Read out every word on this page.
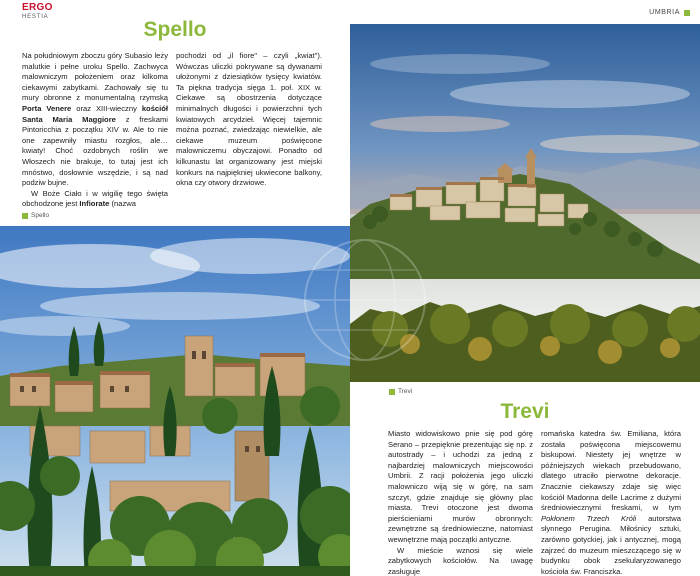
ERGO
HESTIA
UMBRIA
Spello

Na południowym zboczu góry Subasio leży malutkie i pełne uroku Spello. Zachwyca malowniczym położeniem oraz kilkoma ciekawymi zabytkami. Zachowały się tu mury obronne z monumentalną rzymską Porta Venere oraz XIII-wieczny kościół Santa Maria Maggiore z freskami Pintoricchia z początku XIV w. Ale to nie one zapewniły miastu rozgłos, ale… kwiaty! Choć ozdobnych roślin we Włoszech nie brakuje, to tutaj jest ich mnóstwo, dosłownie wszędzie, i są nad podziw bujne.

W Boże Ciało i w wigilię tego święta obchodzone jest Infiorate (nazwa

pochodzi od „il fiore" – czyli „kwiat"). Wówczas uliczki pokrywane są dywanami ułożonymi z dziesiątków tysięcy kwiatów. Ta piękna tradycja sięga 1. poł. XIX w. Ciekawe są obostrzenia dotyczące minimalnych długości i powierzchni tych kwiatowych arcydzieł. Więcej tajemnic można poznać, zwiedzając niewielkie, ale ciekawe muzeum poświęcone malowniczemu obyczajowi. Ponadto od kilkunastu lat organizowany jest miejski konkurs na najpiękniej ukwiecone balkony, okna czy otwory drzwiowe.

Spello
Trevi
Trevi

Miasto widowiskowo pnie się pod górę Serano – przepięknie prezentując się np. z autostrady – i uchodzi za jedną z najbardziej malowniczych miejscowości Umbrii. Z racji położenia jego uliczki malowniczo wiją się w górę, na sam szczyt, gdzie znajduje się główny plac miasta. Trevi otoczone jest dwoma pierścieniami murów obronnych: zewnętrzne są średniowieczne, natomiast wewnętrzne mają początki antyczne.

W mieście wznosi się wiele zabytkowych kościołów. Na uwagę zasługuje

romańska katedra św. Emiliana, która została poświęcona miejscowemu biskupowi. Niestety jej wnętrze w późniejszych wiekach przebudowano, dlatego utraciło pierwotne dekoracje. Znacznie ciekawszy zdaje się więc kościół Madonna delle Lacrime z dużymi średniowiecznymi freskami, w tym Pokłonem Trzech Króli autorstwa słynnego Perugina. Miłośnicy sztuki, zarówno gotyckiej, jak i antycznej, mogą zajrzeć do muzeum mieszczącego się w budynku obok zsekularyzowanego kościoła św. Franciszka.
